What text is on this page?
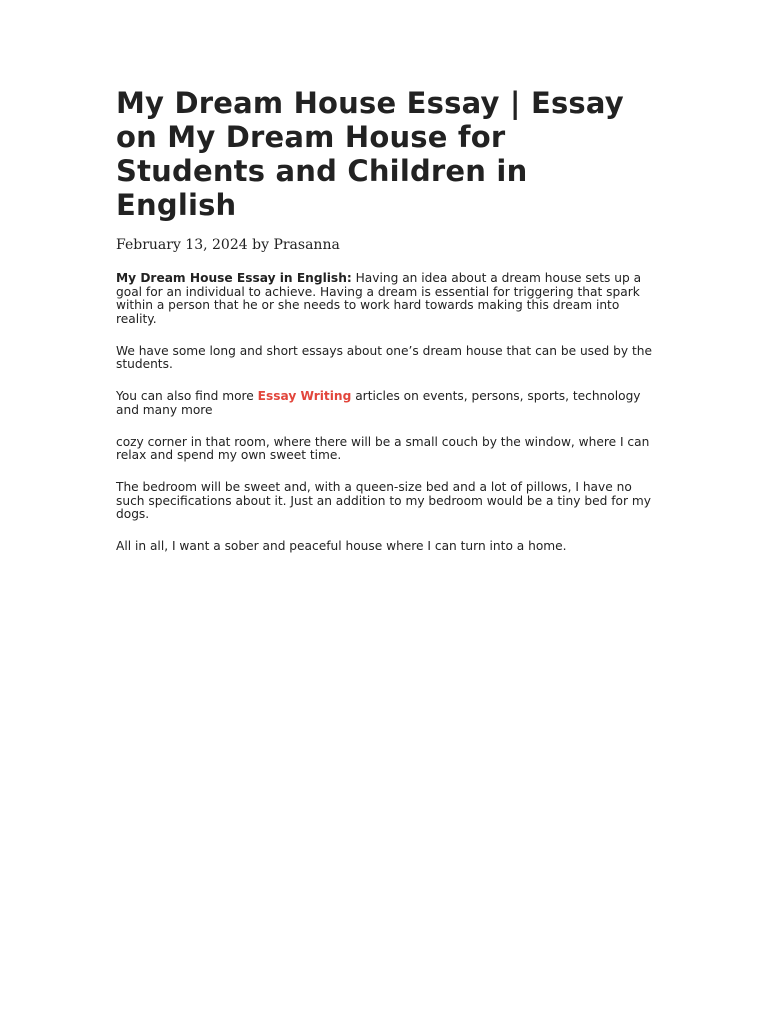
My Dream House Essay | Essay on My Dream House for Students and Children in English
February 13, 2024 by Prasanna

My Dream House Essay in English: Having an idea about a dream house sets up a goal for an individual to achieve. Having a dream is essential for triggering that spark within a person that he or she needs to work hard towards making this dream into reality.

We have some long and short essays about one’s dream house that can be used by the students.

You can also find more Essay Writing articles on events, persons, sports, technology and many more

cozy corner in that room, where there will be a small couch by the window, where I can relax and spend my own sweet time.

The bedroom will be sweet and, with a queen-size bed and a lot of pillows, I have no such specifications about it. Just an addition to my bedroom would be a tiny bed for my dogs.

All in all, I want a sober and peaceful house where I can turn into a home.
